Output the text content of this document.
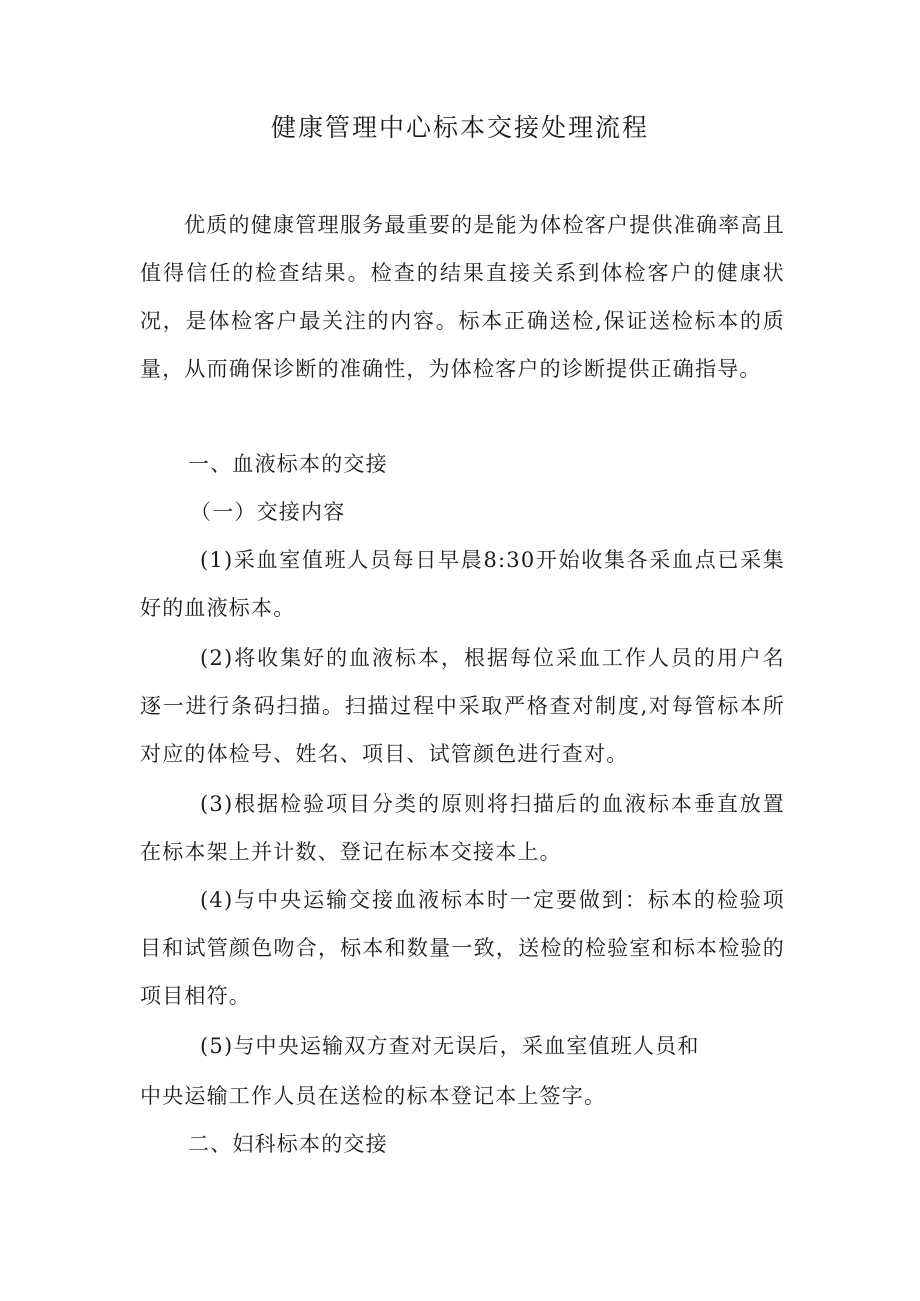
健康管理中心标本交接处理流程

优质的健康管理服务最重要的是能为体检客户提供准确率高且值得信任的检查结果。检查的结果直接关系到体检客户的健康状况，是体检客户最关注的内容。标本正确送检,保证送检标本的质量，从而确保诊断的准确性，为体检客户的诊断提供正确指导。

一、血液标本的交接

（一）交接内容

(1)采血室值班人员每日早晨8:30开始收集各采血点已采集好的血液标本。

(2)将收集好的血液标本，根据每位采血工作人员的用户名逐一进行条码扫描。扫描过程中采取严格查对制度,对每管标本所对应的体检号、姓名、项目、试管颜色进行查对。

(3)根据检验项目分类的原则将扫描后的血液标本垂直放置在标本架上并计数、登记在标本交接本上。

(4)与中央运输交接血液标本时一定要做到：标本的检验项目和试管颜色吻合，标本和数量一致，送检的检验室和标本检验的项目相符。

(5)与中央运输双方查对无误后，采血室值班人员和

中央运输工作人员在送检的标本登记本上签字。

二、妇科标本的交接
